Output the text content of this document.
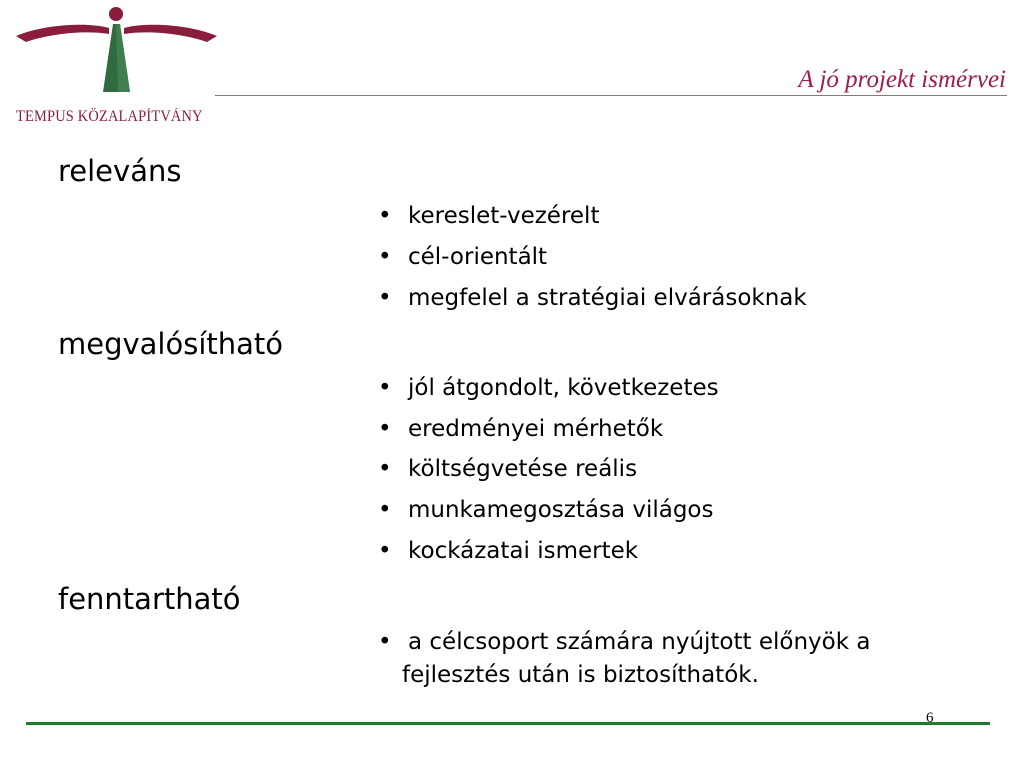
TEMPUS KÖZALAPÍTVÁNY
A jó projekt ismérvei
releváns
• kereslet-vezérelt
• cél-orientált
• megfelel a stratégiai elvárásoknak
megvalósítható
• jól átgondolt, következetes
• eredményei mérhetők
• költségvetése reális
• munkamegosztása világos
• kockázatai ismertek
fenntartható
• a célcsoport számára nyújtott előnyök a
fejlesztés után is biztosíthatók.
6
